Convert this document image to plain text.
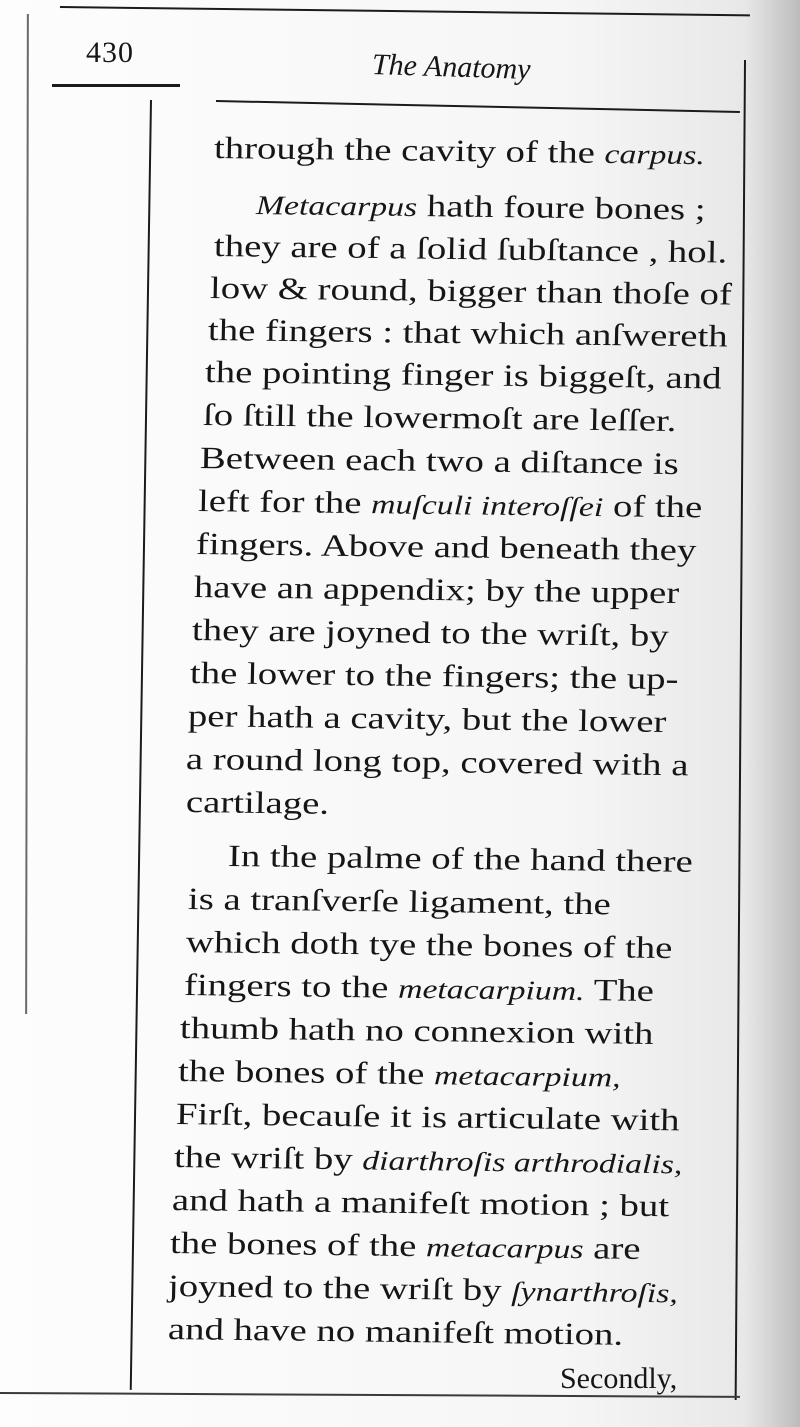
430	The Anatomy
through the cavity of the carpus.
Metacarpus hath foure bones ;
they are of a ſolid ſubſtance , hol.
low & round, bigger than thoſe of
the fingers : that which anſwereth
the pointing finger is biggeſt, and
ſo ſtill the lowermoſt are leſſer.
Between each two a diſtance is
left for the muſculi interoſſei of the
fingers. Above and beneath they
have an appendix; by the upper
they are joyned to the wriſt, by
the lower to the fingers; the up-
per hath a cavity, but the lower
a round long top, covered with a
cartilage.
In the palme of the hand there
is a tranſverſe ligament, the
which doth tye the bones of the
fingers to the metacarpium. The
thumb hath no connexion with
the bones of the metacarpium,
Firſt, becauſe it is articulate with
the wriſt by diarthroſis arthrodialis,
and hath a manifeſt motion ; but
the bones of the metacarpus are
joyned to the wriſt by ſynarthroſis,
and have no manifeſt motion.
Secondly,
